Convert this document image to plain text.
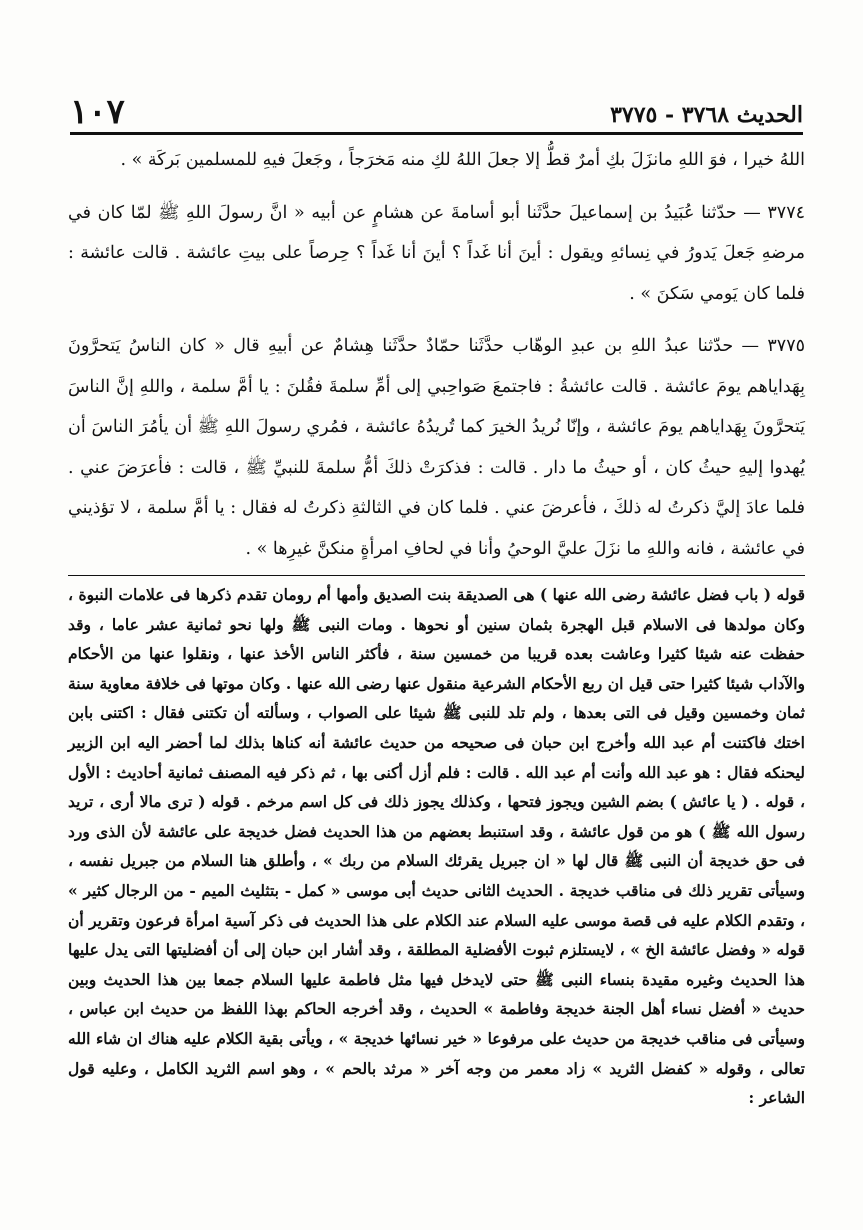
الحديث ٣٧٦٨ - ٣٧٧٥
١٠٧

اللهُ خيرا ، فوَ اللهِ مانزَلَ بكِ أمرٌ قطُّ إلا جعلَ اللهُ لكِ منه مَخرَجاً ، وجَعلَ فيهِ للمسلمين بَركَة » .

٣٧٧٤ — حدّثنا عُبَيدُ بن إسماعيلَ حدَّثَنا أبو أسامةَ عن هشامٍ عن أبيه « انَّ رسولَ اللهِ ﷺ لمّا كان في مرضهِ جَعلَ يَدورُ في نِسائهِ ويقول : أينَ أنا غَداً ؟ أينَ أنا غَداً ؟ حِرصاً على بيتِ عائشة . قالت عائشة : فلما كان يَومي سَكنَ » .

٣٧٧٥ — حدّثنا عبدُ اللهِ بن عبدِ الوهّاب حدَّثَنا حمّادٌ حدَّثَنا هِشامٌ عن أبيهِ قال « كان الناسُ يَتحرَّونَ بِهَداياهم يومَ عائشة . قالت عائشةُ : فاجتمعَ صَواحِبي إلى أمِّ سلمةَ فقُلنَ : يا أمَّ سلمة ، واللهِ إنَّ الناسَ يَتحرَّونَ بِهَداياهم يومَ عائشة ، وإنّا نُريدُ الخيرَ كما تُريدُهُ عائشة ، فمُري رسولَ اللهِ ﷺ أن يأمُرَ الناسَ أن يُهدوا إليهِ حيثُ كان ، أو حيثُ ما دار . قالت : فذكرَتْ ذلكَ أمُّ سلمةَ للنبيِّ ﷺ ، قالت : فأعرَضَ عني . فلما عادَ إليَّ ذكرتُ له ذلكَ ، فأعرضَ عني . فلما كان في الثالثةِ ذكرتُ له فقال : يا أمَّ سلمة ، لا تؤذيني في عائشة ، فانه واللهِ ما نزَلَ عليَّ الوحيُ وأنا في لحافِ امرأةٍ منكنَّ غيرِها » .

قوله ( باب فضل عائشة رضى الله عنها ) هى الصديقة بنت الصديق وأمها أم رومان تقدم ذكرها فى علامات النبوة ، وكان مولدها فى الاسلام قبل الهجرة بثمان سنين أو نحوها . ومات النبى ﷺ ولها نحو ثمانية عشر عاما ، وقد حفظت عنه شيئا كثيرا وعاشت بعده قريبا من خمسين سنة ، فأكثر الناس الأخذ عنها ، ونقلوا عنها من الأحكام والآداب شيئا كثيرا حتى قيل ان ربع الأحكام الشرعية منقول عنها رضى الله عنها . وكان موتها فى خلافة معاوية سنة ثمان وخمسين وقيل فى التى بعدها ، ولم تلد للنبى ﷺ شيئا على الصواب ، وسألته أن تكتنى فقال : اكتنى بابن اختك فاكتنت أم عبد الله وأخرج ابن حبان فى صحيحه من حديث عائشة أنه كناها بذلك لما أحضر اليه ابن الزبير ليحنكه فقال : هو عبد الله وأنت أم عبد الله . قالت : فلم أزل أكنى بها ، ثم ذكر فيه المصنف ثمانية أحاديث : الأول ، قوله . ( يا عائش ) بضم الشين ويجوز فتحها ، وكذلك يجوز ذلك فى كل اسم مرخم . قوله ( ترى مالا أرى ، تريد رسول الله ﷺ ) هو من قول عائشة ، وقد استنبط بعضهم من هذا الحديث فضل خديجة على عائشة لأن الذى ورد فى حق خديجة أن النبى ﷺ قال لها « ان جبريل يقرئك السلام من ربك » ، وأطلق هنا السلام من جبريل نفسه ، وسيأتى تقرير ذلك فى مناقب خديجة . الحديث الثانى حديث أبى موسى « كمل - بتثليث الميم - من الرجال كثير » ، وتقدم الكلام عليه فى قصة موسى عليه السلام عند الكلام على هذا الحديث فى ذكر آسية امرأة فرعون وتقرير أن قوله « وفضل عائشة الخ » ، لايستلزم ثبوت الأفضلية المطلقة ، وقد أشار ابن حبان إلى أن أفضليتها التى يدل عليها هذا الحديث وغيره مقيدة بنساء النبى ﷺ حتى لايدخل فيها مثل فاطمة عليها السلام جمعا بين هذا الحديث وبين حديث « أفضل نساء أهل الجنة خديجة وفاطمة » الحديث ، وقد أخرجه الحاكم بهذا اللفظ من حديث ابن عباس ، وسيأتى فى مناقب خديجة من حديث على مرفوعا « خير نسائها خديجة » ، ويأتى بقية الكلام عليه هناك ان شاء الله تعالى ، وقوله « كفضل الثريد » زاد معمر من وجه آخر « مرثد بالحم » ، وهو اسم الثريد الكامل ، وعليه قول الشاعر :
